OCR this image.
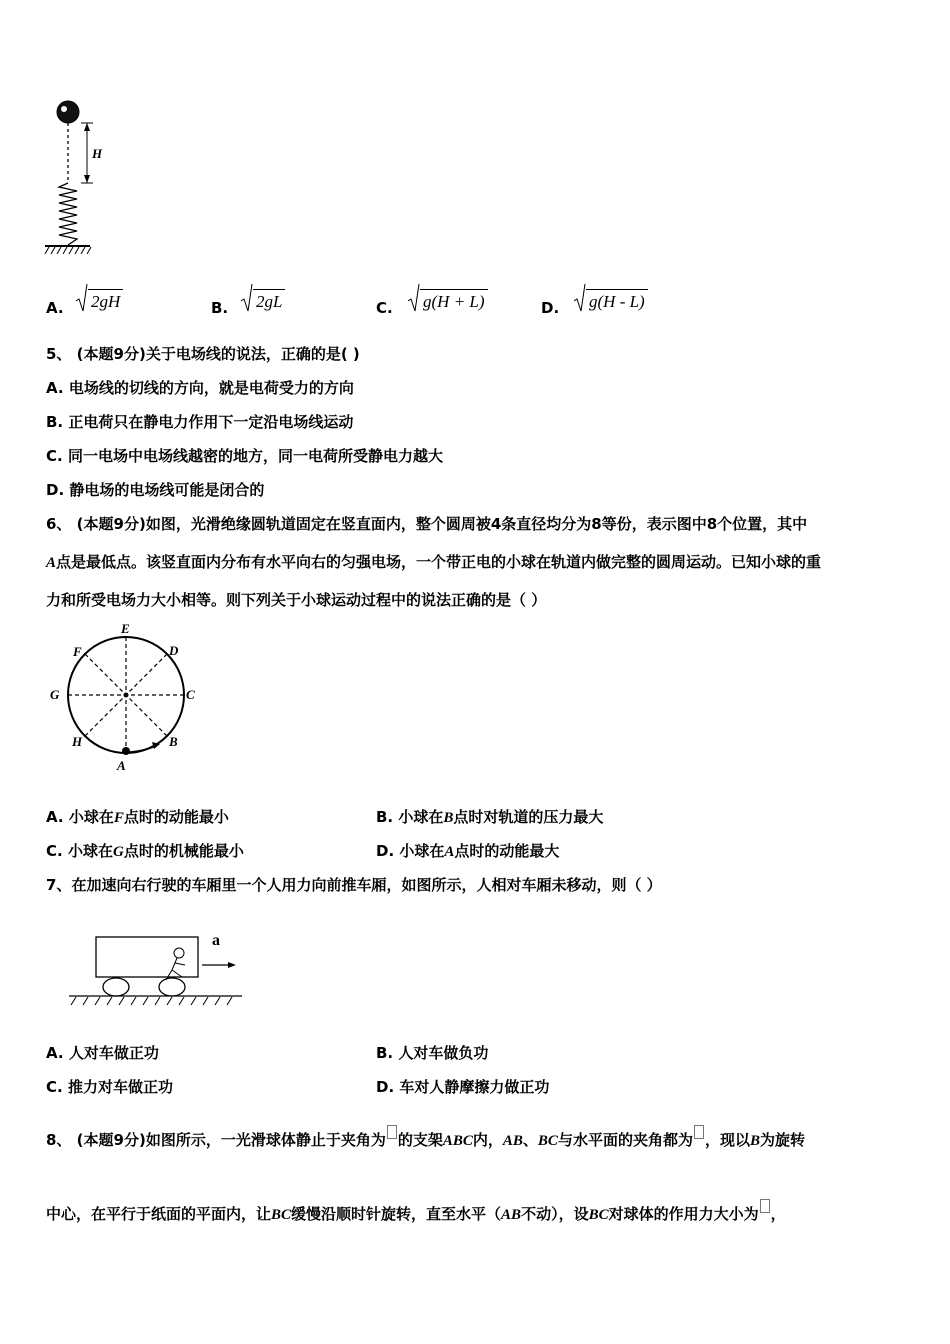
H
A.	2gH	B.	2gL	C.	g(H + L)	D.	g(H - L)
5、 (本题9分)关于电场线的说法，正确的是( )
A. 电场线的切线的方向，就是电荷受力的方向
B. 正电荷只在静电力作用下一定沿电场线运动
C. 同一电场中电场线越密的地方，同一电荷所受静电力越大
D. 静电场的电场线可能是闭合的
6、 (本题9分)如图，光滑绝缘圆轨道固定在竖直面内，整个圆周被4条直径均分为8等份，表示图中8个位置，其中
A点是最低点。该竖直面内分布有水平向右的匀强电场，一个带正电的小球在轨道内做完整的圆周运动。已知小球的重
力和所受电场力大小相等。则下列关于小球运动过程中的说法正确的是（ ）
E
D
C
B
A
H
G
F
A. 小球在F点时的动能最小	B. 小球在B点时对轨道的压力最大
C. 小球在G点时的机械能最小	D. 小球在A点时的动能最大
7、在加速向右行驶的车厢里一个人用力向前推车厢，如图所示，人相对车厢未移动，则（ ）
a
A. 人对车做正功	B. 人对车做负功
C. 推力对车做正功	D. 车对人静摩擦力做正功
8、 (本题9分)如图所示，一光滑球体静止于夹角为 的支架ABC内，AB、BC与水平面的夹角都为 ，现以B为旋转
中心，在平行于纸面的平面内，让BC缓慢沿顺时针旋转，直至水平（AB不动），设BC对球体的作用力大小为 ，
